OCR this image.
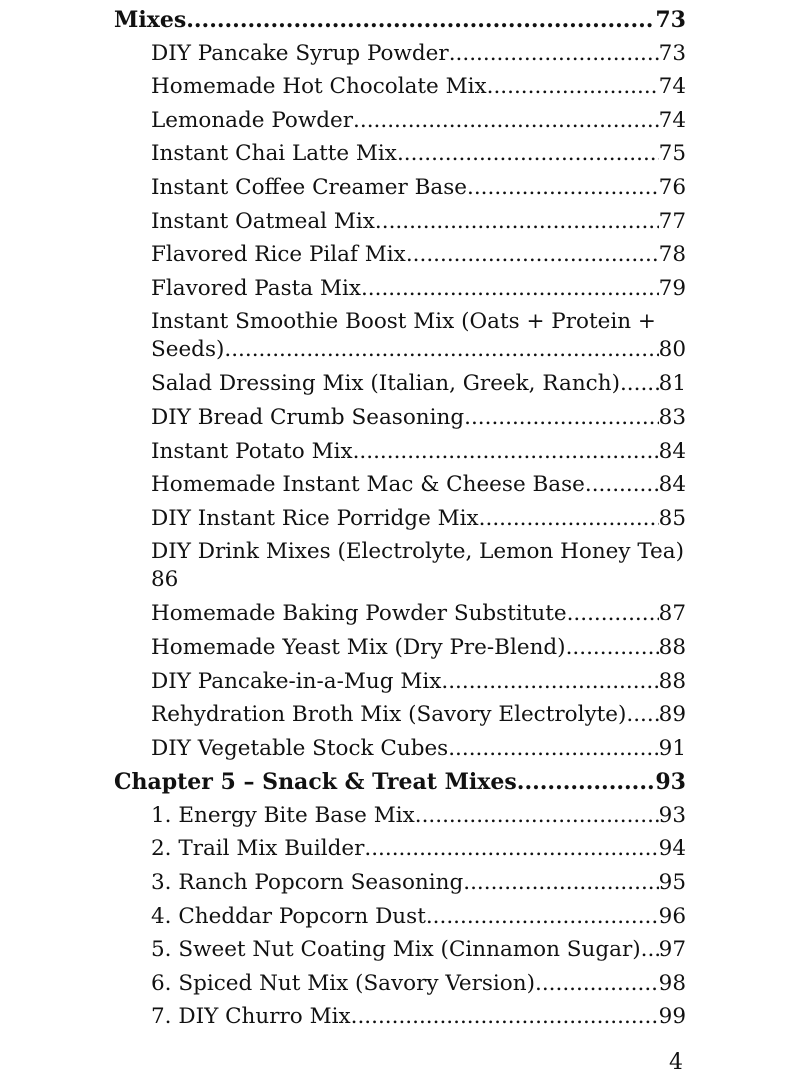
Mixes .....	73
DIY Pancake Syrup Powder .....	73
Homemade Hot Chocolate Mix .....	74
Lemonade Powder .....	74
Instant Chai Latte Mix .....	75
Instant Coffee Creamer Base .....	76
Instant Oatmeal Mix .....	77
Flavored Rice Pilaf Mix .....	78
Flavored Pasta Mix .....	79
Instant Smoothie Boost Mix (Oats + Protein +
Seeds) .....	80
Salad Dressing Mix (Italian, Greek, Ranch) ..... 81
DIY Bread Crumb Seasoning .....	83
Instant Potato Mix .....	84
Homemade Instant Mac & Cheese Base .....	84
DIY Instant Rice Porridge Mix .....	85
DIY Drink Mixes (Electrolyte, Lemon Honey Tea)
86
Homemade Baking Powder Substitute .....	87
Homemade Yeast Mix (Dry Pre-Blend) .....	88
DIY Pancake-in-a-Mug Mix .....	88
Rehydration Broth Mix (Savory Electrolyte) ..... 89
DIY Vegetable Stock Cubes .....	91
Chapter 5 – Snack & Treat Mixes .....	93
1. Energy Bite Base Mix .....	93
2. Trail Mix Builder .....	94
3. Ranch Popcorn Seasoning .....	95
4. Cheddar Popcorn Dust .....	96
5. Sweet Nut Coating Mix (Cinnamon Sugar) ..... 97
6. Spiced Nut Mix (Savory Version) .....	98
7. DIY Churro Mix .....	99
4
